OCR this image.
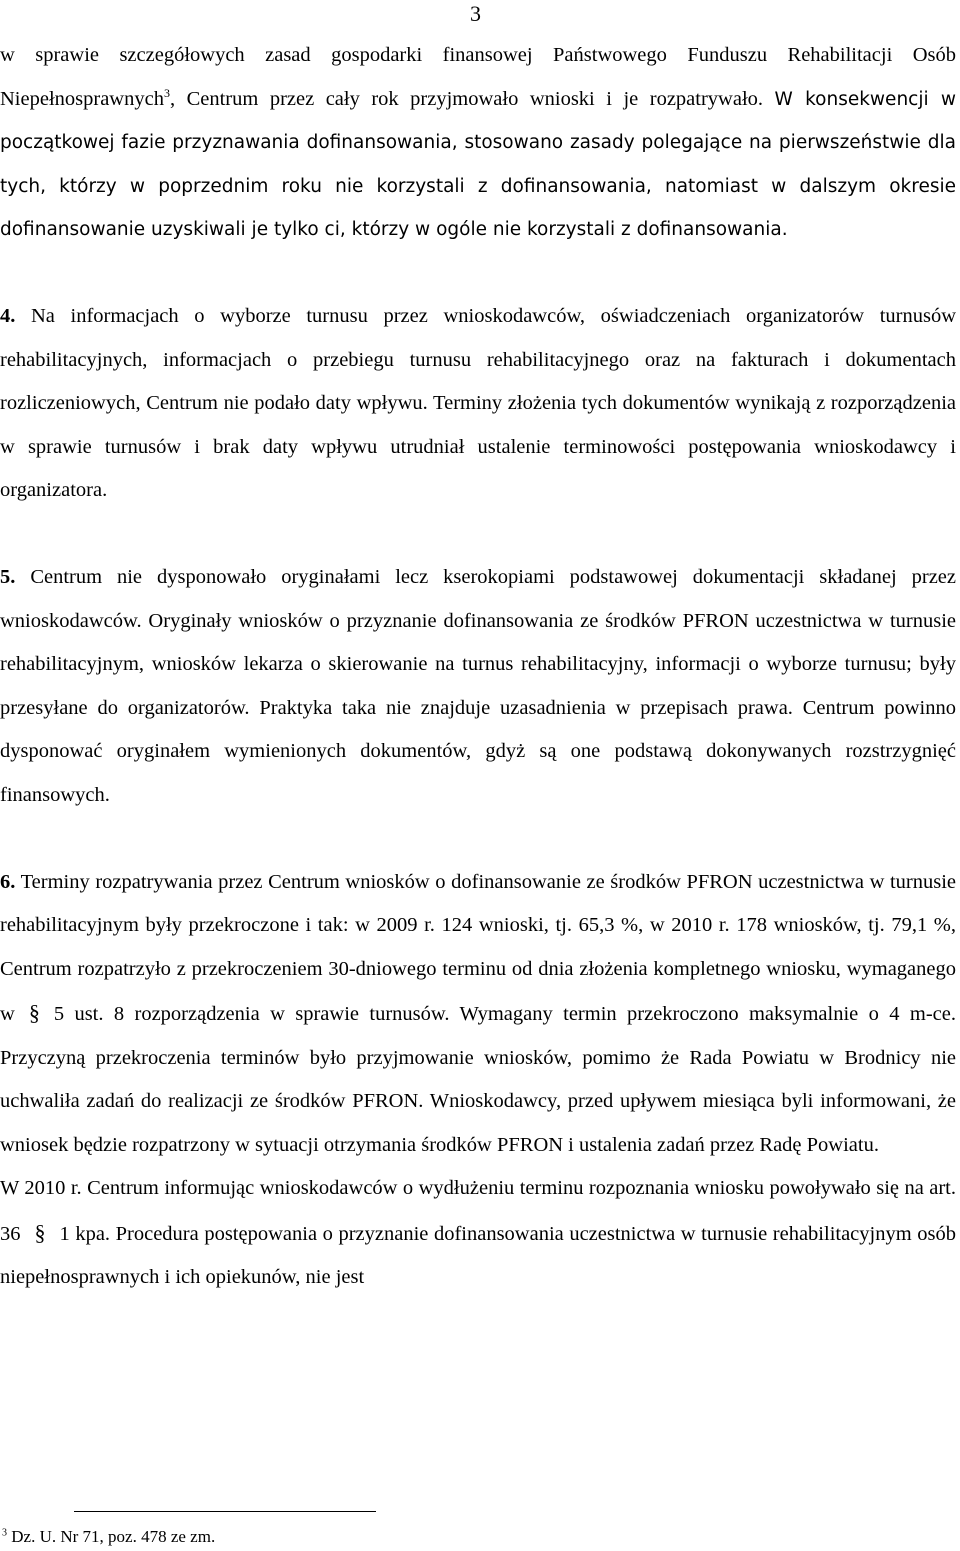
3

w sprawie szczegółowych zasad gospodarki finansowej Państwowego Funduszu Rehabilitacji Osób Niepełnosprawnych$^3$, Centrum przez cały rok przyjmowało wnioski i je rozpatrywało. W konsekwencji w początkowej fazie przyznawania dofinansowania, stosowano zasady polegające na pierwszeństwie dla tych, którzy w poprzednim roku nie korzystali z dofinansowania, natomiast w dalszym okresie dofinansowanie uzyskiwali je tylko ci, którzy w ogóle nie korzystali z dofinansowania.

4. Na informacjach o wyborze turnusu przez wnioskodawców, oświadczeniach organizatorów turnusów rehabilitacyjnych, informacjach o przebiegu turnusu rehabilitacyjnego oraz na fakturach i dokumentach rozliczeniowych, Centrum nie podało daty wpływu. Terminy złożenia tych dokumentów wynikają z rozporządzenia w sprawie turnusów i brak daty wpływu utrudniał ustalenie terminowości postępowania wnioskodawcy i organizatora.

5. Centrum nie dysponowało oryginałami lecz kserokopiami podstawowej dokumentacji składanej przez wnioskodawców. Oryginały wniosków o przyznanie dofinansowania ze środków PFRON uczestnictwa w turnusie rehabilitacyjnym, wniosków lekarza o skierowanie na turnus rehabilitacyjny, informacji o wyborze turnusu; były przesyłane do organizatorów. Praktyka taka nie znajduje uzasadnienia w przepisach prawa. Centrum powinno dysponować oryginałem wymienionych dokumentów, gdyż są one podstawą dokonywanych rozstrzygnięć finansowych.

6. Terminy rozpatrywania przez Centrum wniosków o dofinansowanie ze środków PFRON uczestnictwa w turnusie rehabilitacyjnym były przekroczone i tak: w 2009 r. 124 wnioski, tj. 65,3 %, w 2010 r. 178 wniosków, tj. 79,1 %, Centrum rozpatrzyło z przekroczeniem 30-dniowego terminu od dnia złożenia kompletnego wniosku, wymaganego w § 5 ust. 8 rozporządzenia w sprawie turnusów. Wymagany termin przekroczono maksymalnie o 4 m-ce. Przyczyną przekroczenia terminów było przyjmowanie wniosków, pomimo że Rada Powiatu w Brodnicy nie uchwaliła zadań do realizacji ze środków PFRON. Wnioskodawcy, przed upływem miesiąca byli informowani, że wniosek będzie rozpatrzony w sytuacji otrzymania środków PFRON i ustalenia zadań przez Radę Powiatu.

W 2010 r. Centrum informując wnioskodawców o wydłużeniu terminu rozpoznania wniosku powoływało się na art. 36 § 1 kpa. Procedura postępowania o przyznanie dofinansowania uczestnictwa w turnusie rehabilitacyjnym osób niepełnosprawnych i ich opiekunów, nie jest

$^3$ Dz. U. Nr 71, poz. 478 ze zm.
